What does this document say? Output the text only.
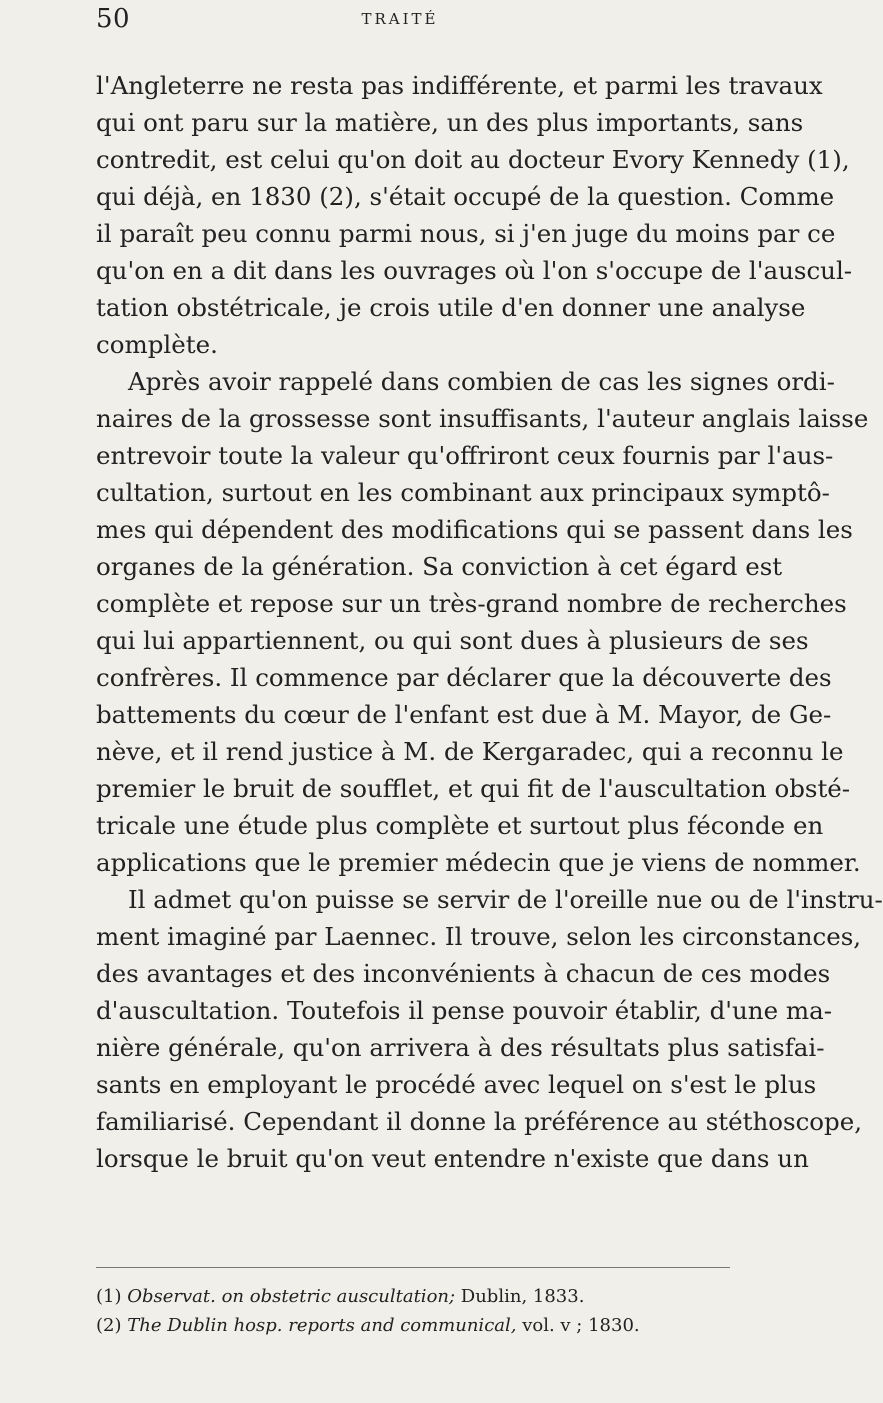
50	TRAITÉ
l'Angleterre ne resta pas indifférente, et parmi les travaux
qui ont paru sur la matière, un des plus importants, sans
contredit, est celui qu'on doit au docteur Evory Kennedy (1),
qui déjà, en 1830 (2), s'était occupé de la question. Comme
il paraît peu connu parmi nous, si j'en juge du moins par ce
qu'on en a dit dans les ouvrages où l'on s'occupe de l'auscul-
tation obstétricale, je crois utile d'en donner une analyse
complète.
Après avoir rappelé dans combien de cas les signes ordi-
naires de la grossesse sont insuffisants, l'auteur anglais laisse
entrevoir toute la valeur qu'offriront ceux fournis par l'aus-
cultation, surtout en les combinant aux principaux symptô-
mes qui dépendent des modifications qui se passent dans les
organes de la génération. Sa conviction à cet égard est
complète et repose sur un très-grand nombre de recherches
qui lui appartiennent, ou qui sont dues à plusieurs de ses
confrères. Il commence par déclarer que la découverte des
battements du cœur de l'enfant est due à M. Mayor, de Ge-
nève, et il rend justice à M. de Kergaradec, qui a reconnu le
premier le bruit de soufflet, et qui fit de l'auscultation obsté-
tricale une étude plus complète et surtout plus féconde en
applications que le premier médecin que je viens de nommer.
Il admet qu'on puisse se servir de l'oreille nue ou de l'instru-
ment imaginé par Laennec. Il trouve, selon les circonstances,
des avantages et des inconvénients à chacun de ces modes
d'auscultation. Toutefois il pense pouvoir établir, d'une ma-
nière générale, qu'on arrivera à des résultats plus satisfai-
sants en employant le procédé avec lequel on s'est le plus
familiarisé. Cependant il donne la préférence au stéthoscope,
lorsque le bruit qu'on veut entendre n'existe que dans un
(1) Observat. on obstetric auscultation; Dublin, 1833.
(2) The Dublin hosp. reports and communical, vol. v ; 1830.
